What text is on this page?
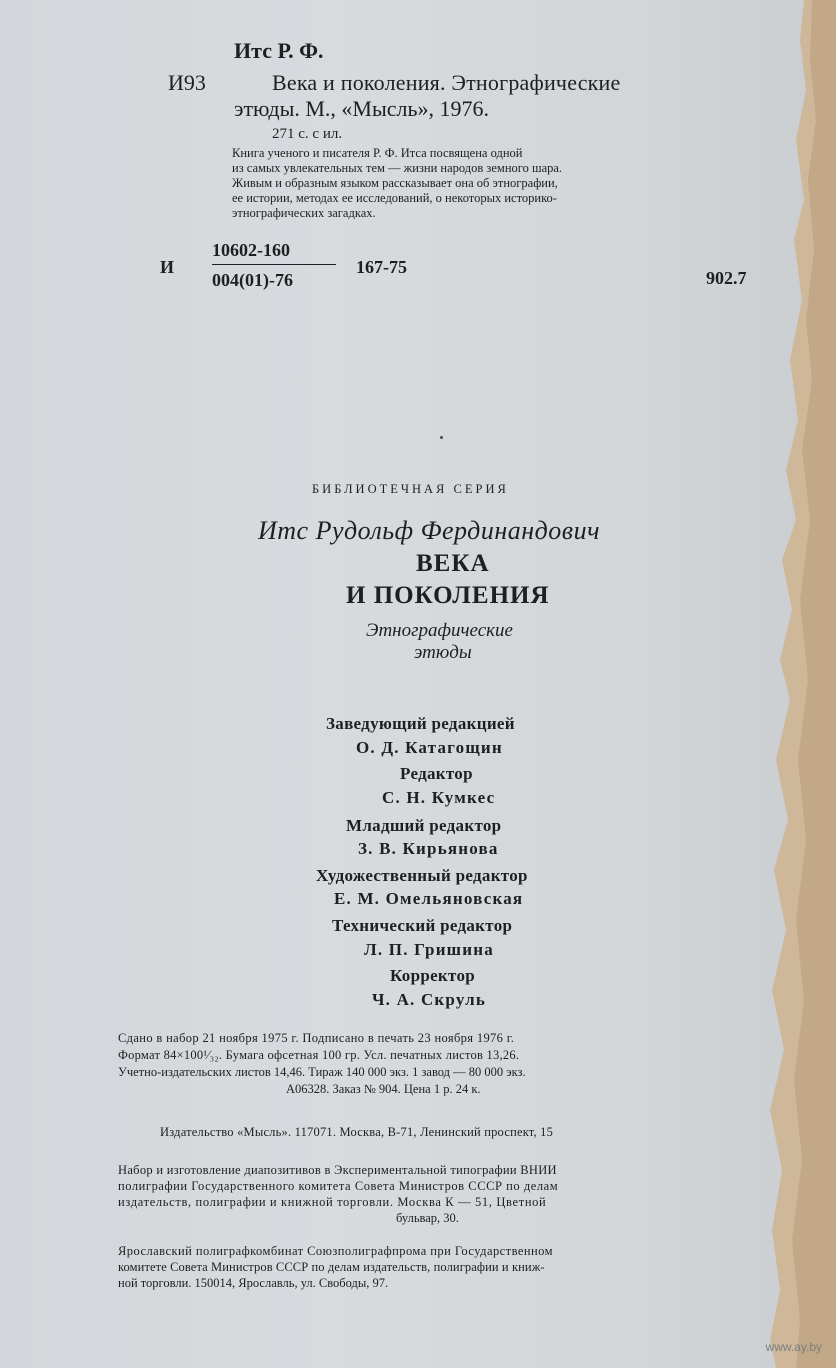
Итс Р. Ф.
И93	Века и поколения. Этнографические
этюды. М., «Мысль», 1976.
271 с. с ил.
Книга ученого и писателя Р. Ф. Итса посвящена одной
из самых увлекательных тем — жизни народов земного шара.
Живым и образным языком рассказывает она об этнографии,
ее истории, методах ее исследований, о некоторых историко-
этнографических загадках.
И
10602-160
004(01)-76
167-75
902.7
БИБЛИОТЕЧНАЯ СЕРИЯ
Итс Рудольф Фердинандович
ВЕКА
И ПОКОЛЕНИЯ
Этнографические
этюды
Заведующий редакцией
О. Д. Катагощин
Редактор
С. Н. Кумкес
Младший редактор
З. В. Кирьянова
Художественный редактор
Е. М. Омельяновская
Технический редактор
Л. П. Гришина
Корректор
Ч. А. Скруль
Сдано в набор 21 ноября 1975 г. Подписано в печать 23 ноября 1976 г.
Формат 84×100¹⁄₃₂. Бумага офсетная 100 гр. Усл. печатных листов 13,26.
Учетно-издательских листов 14,46. Тираж 140 000 экз. 1 завод — 80 000 экз.
А06328. Заказ № 904. Цена 1 р. 24 к.
Издательство «Мысль». 117071. Москва, В-71, Ленинский проспект, 15
Набор и изготовление диапозитивов в Экспериментальной типографии ВНИИ
полиграфии Государственного комитета Совета Министров СССР по делам
издательств, полиграфии и книжной торговли. Москва К — 51, Цветной
бульвар, 30.
Ярославский полиграфкомбинат Союзполиграфпрома при Государственном
комитете Совета Министров СССР по делам издательств, полиграфии и книж-
ной торговли. 150014, Ярославль, ул. Свободы, 97.
www.ay.by
